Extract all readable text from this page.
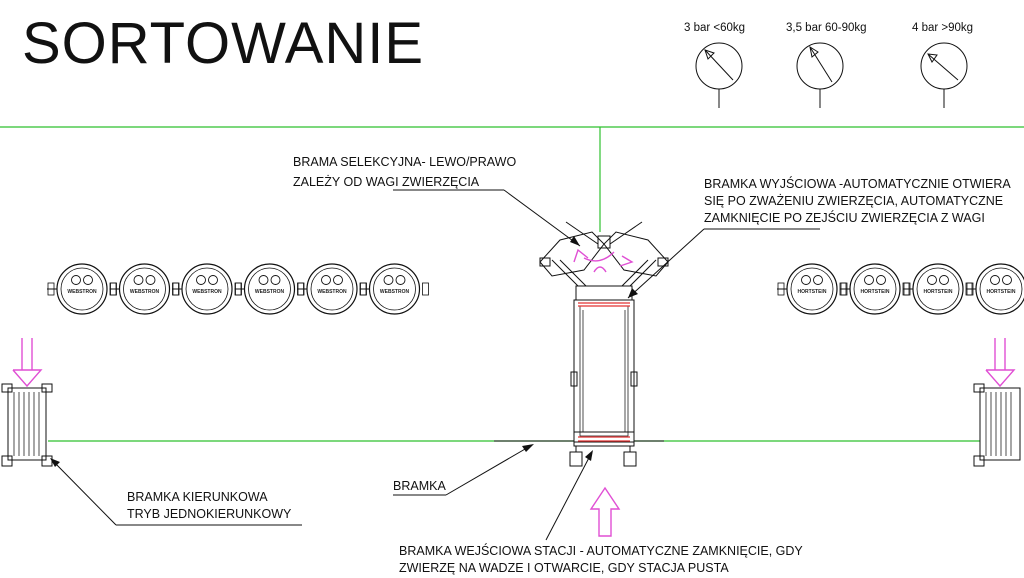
SORTOWANIE	3 bar <60kg	3,5 bar 60-90kg	4 bar >90kg
WEBSTRON	WEBSTRON	WEBSTRON	WEBSTRON	WEBSTRON	WEBSTRON	HORTSTEIN	HORTSTEIN	HORTSTEIN	HORTSTEIN
BRAMA SELEKCYJNA- LEWO/PRAWO
ZALEŻY OD WAGI ZWIERZĘCIA	BRAMKA WYJŚCIOWA -AUTOMATYCZNIE OTWIERA
SIĘ PO ZWAŻENIU ZWIERZĘCIA, AUTOMATYCZNE
ZAMKNIĘCIE PO ZEJŚCIU ZWIERZĘCIA Z WAGI
BRAMKA KIERUNKOWA
TRYB JEDNOKIERUNKOWY
BRAMKA
BRAMKA WEJŚCIOWA STACJI - AUTOMATYCZNE ZAMKNIĘCIE, GDY
ZWIERZĘ NA WADZE I OTWARCIE, GDY STACJA PUSTA
